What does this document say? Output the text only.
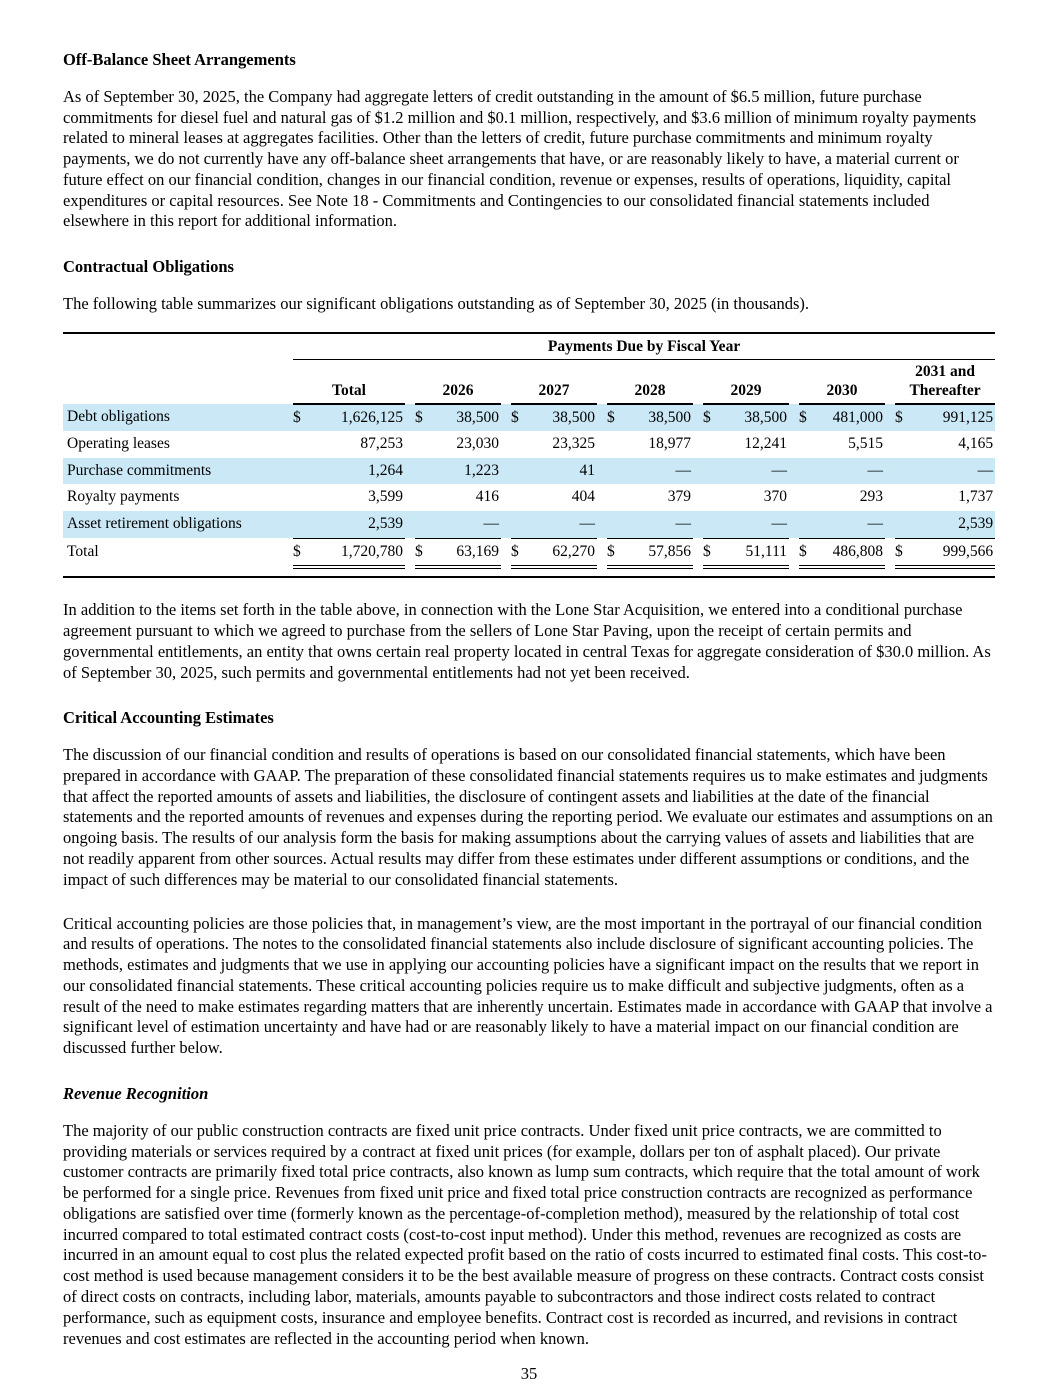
Off-Balance Sheet Arrangements

As of September 30, 2025, the Company had aggregate letters of credit outstanding in the amount of $6.5 million, future purchase commitments for diesel fuel and natural gas of $1.2 million and $0.1 million, respectively, and $3.6 million of minimum royalty payments related to mineral leases at aggregates facilities. Other than the letters of credit, future purchase commitments and minimum royalty payments, we do not currently have any off-balance sheet arrangements that have, or are reasonably likely to have, a material current or future effect on our financial condition, changes in our financial condition, revenue or expenses, results of operations, liquidity, capital expenditures or capital resources. See Note 18 - Commitments and Contingencies to our consolidated financial statements included elsewhere in this report for additional information.

Contractual Obligations

The following table summarizes our significant obligations outstanding as of September 30, 2025 (in thousands).

	Payments Due by Fiscal Year																			
	Total			2026			2027			2028			2029			2030			2031 and Thereafter	
Debt obligations	$	1,626,125		$	38,500		$	38,500		$	38,500		$	38,500		$	481,000		$	991,125
Operating leases		87,253			23,030			23,325			18,977			12,241			5,515			4,165
Purchase commitments		1,264			1,223			41			—			—			—			—
Royalty payments		3,599			416			404			379			370			293			1,737
Asset retirement obligations		2,539			—			—			—			—			—			2,539
Total	$	1,720,780		$	63,169		$	62,270		$	57,856		$	51,111		$	486,808		$	999,566

In addition to the items set forth in the table above, in connection with the Lone Star Acquisition, we entered into a conditional purchase agreement pursuant to which we agreed to purchase from the sellers of Lone Star Paving, upon the receipt of certain permits and governmental entitlements, an entity that owns certain real property located in central Texas for aggregate consideration of $30.0 million. As of September 30, 2025, such permits and governmental entitlements had not yet been received.

Critical Accounting Estimates

The discussion of our financial condition and results of operations is based on our consolidated financial statements, which have been prepared in accordance with GAAP. The preparation of these consolidated financial statements requires us to make estimates and judgments that affect the reported amounts of assets and liabilities, the disclosure of contingent assets and liabilities at the date of the financial statements and the reported amounts of revenues and expenses during the reporting period. We evaluate our estimates and assumptions on an ongoing basis. The results of our analysis form the basis for making assumptions about the carrying values of assets and liabilities that are not readily apparent from other sources. Actual results may differ from these estimates under different assumptions or conditions, and the impact of such differences may be material to our consolidated financial statements.

Critical accounting policies are those policies that, in management’s view, are the most important in the portrayal of our financial condition and results of operations. The notes to the consolidated financial statements also include disclosure of significant accounting policies. The methods, estimates and judgments that we use in applying our accounting policies have a significant impact on the results that we report in our consolidated financial statements. These critical accounting policies require us to make difficult and subjective judgments, often as a result of the need to make estimates regarding matters that are inherently uncertain. Estimates made in accordance with GAAP that involve a significant level of estimation uncertainty and have had or are reasonably likely to have a material impact on our financial condition are discussed further below.

Revenue Recognition

The majority of our public construction contracts are fixed unit price contracts. Under fixed unit price contracts, we are committed to providing materials or services required by a contract at fixed unit prices (for example, dollars per ton of asphalt placed). Our private customer contracts are primarily fixed total price contracts, also known as lump sum contracts, which require that the total amount of work be performed for a single price. Revenues from fixed unit price and fixed total price construction contracts are recognized as performance obligations are satisfied over time (formerly known as the percentage-of-completion method), measured by the relationship of total cost incurred compared to total estimated contract costs (cost-to-cost input method). Under this method, revenues are recognized as costs are incurred in an amount equal to cost plus the related expected profit based on the ratio of costs incurred to estimated final costs. This cost-to-cost method is used because management considers it to be the best available measure of progress on these contracts. Contract costs consist of direct costs on contracts, including labor, materials, amounts payable to subcontractors and those indirect costs related to contract performance, such as equipment costs, insurance and employee benefits. Contract cost is recorded as incurred, and revisions in contract revenues and cost estimates are reflected in the accounting period when known.

35
